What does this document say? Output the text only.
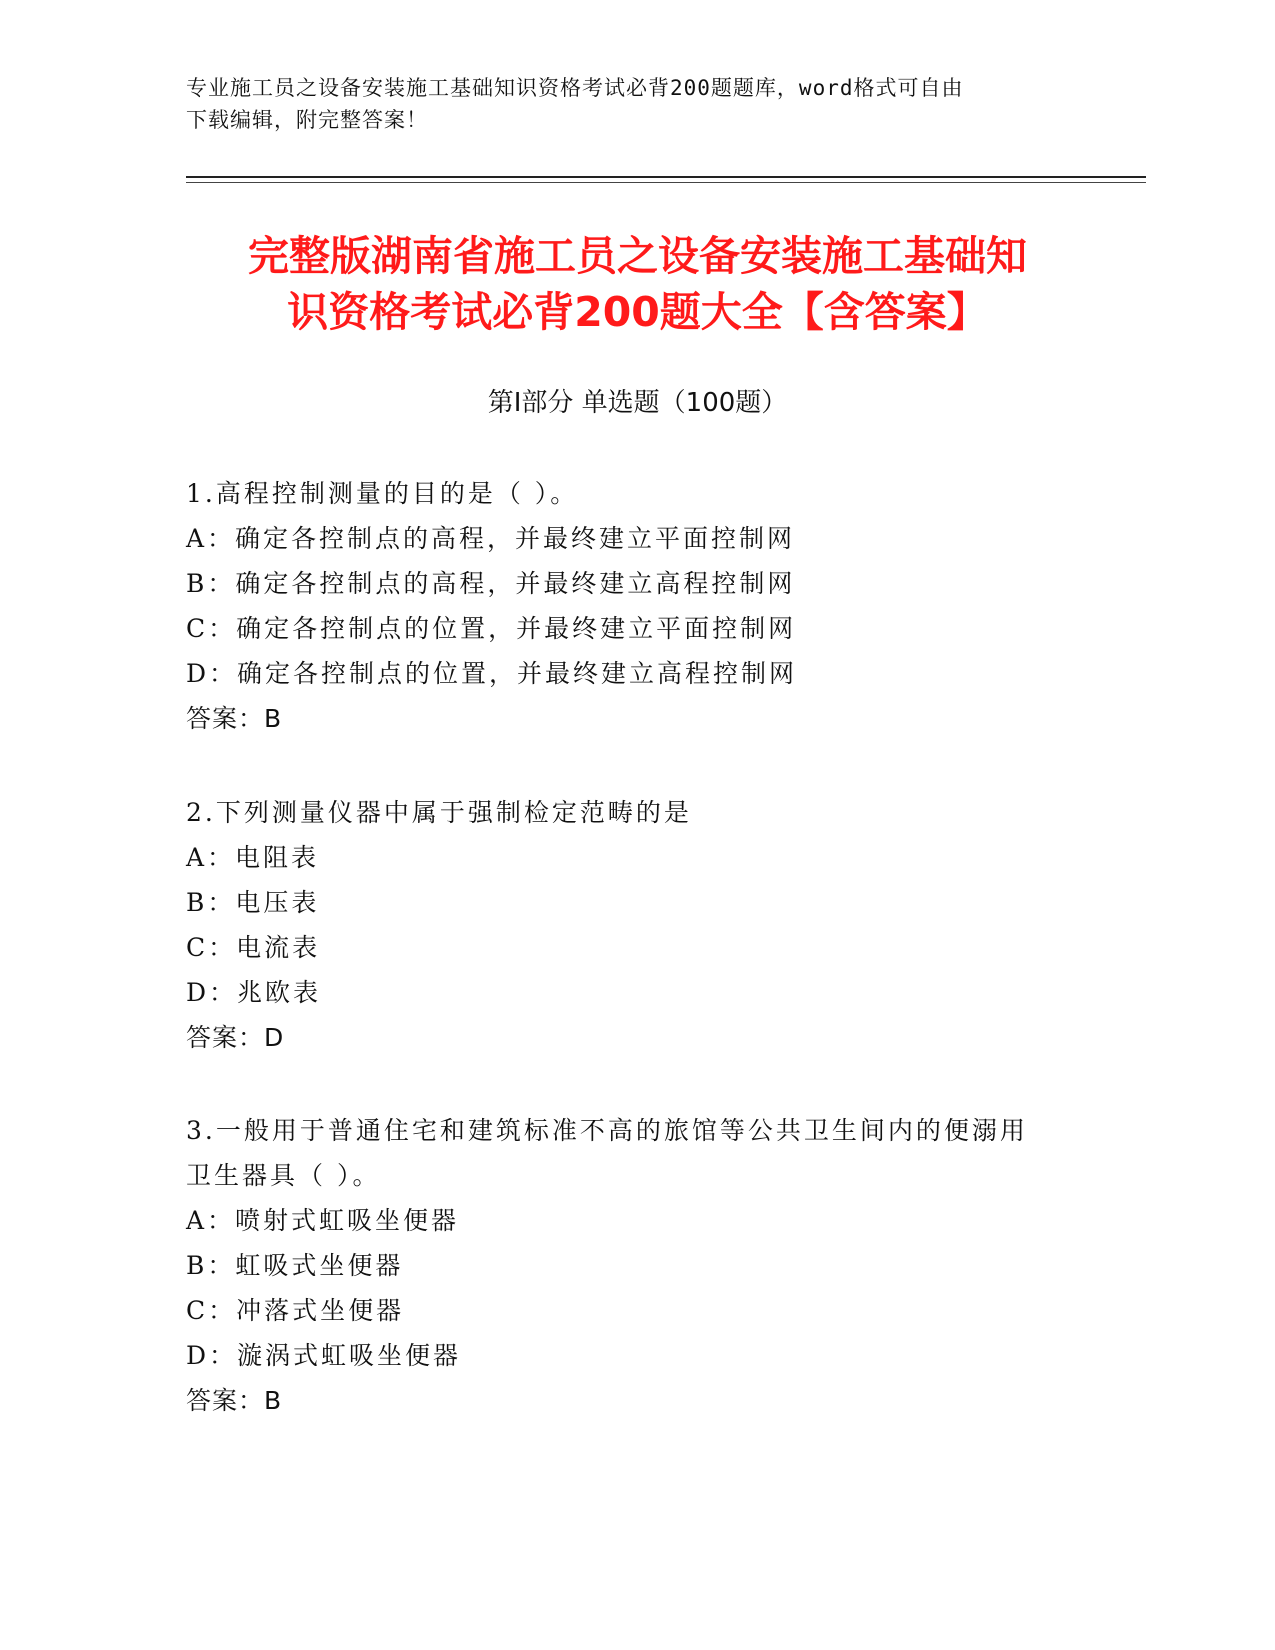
专业施工员之设备安装施工基础知识资格考试必背200题题库，word格式可自由
下载编辑，附完整答案！
完整版湖南省施工员之设备安装施工基础知
识资格考试必背200题大全【含答案】
第Ⅰ部分 单选题（100题）
1.高程控制测量的目的是（ ）。
A：确定各控制点的高程，并最终建立平面控制网
B：确定各控制点的高程，并最终建立高程控制网
C：确定各控制点的位置，并最终建立平面控制网
D：确定各控制点的位置，并最终建立高程控制网
答案：B
2.下列测量仪器中属于强制检定范畴的是
A：电阻表
B：电压表
C：电流表
D：兆欧表
答案：D
3.一般用于普通住宅和建筑标准不高的旅馆等公共卫生间内的便溺用
卫生器具（ ）。
A：喷射式虹吸坐便器
B：虹吸式坐便器
C：冲落式坐便器
D：漩涡式虹吸坐便器
答案：B
